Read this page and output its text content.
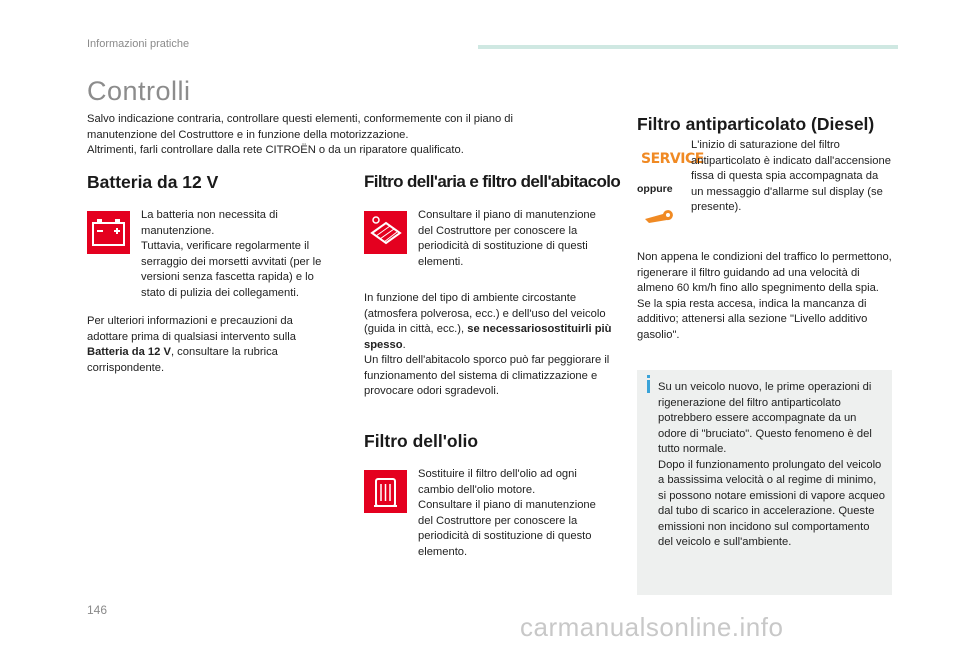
Informazioni pratiche
Controlli
Salvo indicazione contraria, controllare questi elementi, conformemente con il piano di
manutenzione del Costruttore e in funzione della motorizzazione.
Altrimenti, farli controllare dalla rete CITROËN o da un riparatore qualificato.
Batteria da 12 V
La batteria non necessita di manutenzione.
Tuttavia, verificare regolarmente il serraggio dei morsetti avvitati (per le versioni senza fascetta rapida) e lo stato di pulizia dei collegamenti.
Per ulteriori informazioni e precauzioni da adottare prima di qualsiasi intervento sulla Batteria da 12 V, consultare la rubrica corrispondente.
Filtro dell'aria e filtro dell'abitacolo
Consultare il piano di manutenzione del Costruttore per conoscere la periodicità di sostituzione di questi elementi.
In funzione del tipo di ambiente circostante (atmosfera polverosa, ecc.) e dell'uso del veicolo (guida in città, ecc.), se necessariosostituirli più spesso.
Un filtro dell'abitacolo sporco può far peggiorare il funzionamento del sistema di climatizzazione e provocare odori sgradevoli.
Filtro dell'olio
Sostituire il filtro dell'olio ad ogni cambio dell'olio motore.
Consultare il piano di manutenzione del Costruttore per conoscere la periodicità di sostituzione di questo elemento.
Filtro antiparticolato (Diesel)
SERVICE
oppure
L'inizio di saturazione del filtro antiparticolato è indicato dall'accensione fissa di questa spia accompagnata da un messaggio d'allarme sul display (se presente).
Non appena le condizioni del traffico lo permettono, rigenerare il filtro guidando ad una velocità di almeno 60 km/h fino allo spegnimento della spia.
Se la spia resta accesa, indica la mancanza di additivo; attenersi alla sezione "Livello additivo gasolio".
Su un veicolo nuovo, le prime operazioni di rigenerazione del filtro antiparticolato potrebbero essere accompagnate da un odore di "bruciato". Questo fenomeno è del tutto normale.
Dopo il funzionamento prolungato del veicolo a bassissima velocità o al regime di minimo, si possono notare emissioni di vapore acqueo dal tubo di scarico in accelerazione. Queste emissioni non incidono sul comportamento del veicolo e sull'ambiente.
146
carmanualsonline.info
